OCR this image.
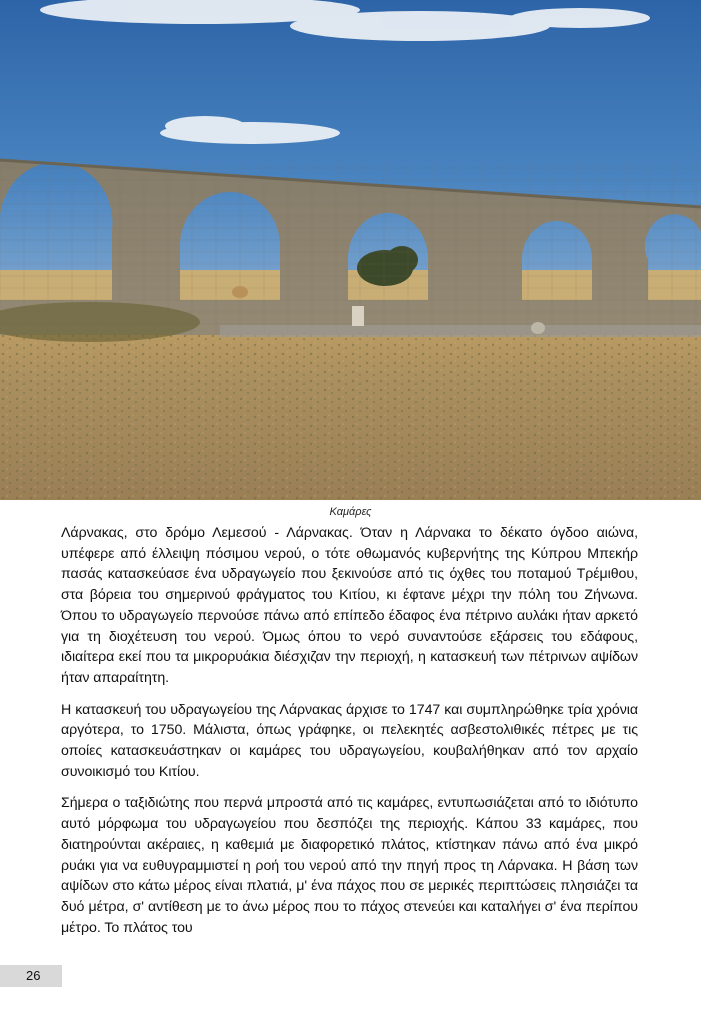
Καμάρες

Λάρνακας, στο δρόμο Λεμεσού - Λάρνακας. Όταν η Λάρνακα το δέκατο όγδοο αιώνα, υπέφερε από έλλειψη πόσιμου νερού, ο τότε οθωμανός κυβερνήτης της Κύπρου Μπεκήρ πασάς κατασκεύασε ένα υδραγωγείο που ξεκινούσε από τις όχθες του ποταμού Τρέμιθου, στα βόρεια του σημερινού φράγματος του Κιτίου, κι έφτανε μέχρι την πόλη του Ζήνωνα. Όπου το υδραγωγείο περνούσε πάνω από επίπεδο έδαφος ένα πέτρινο αυλάκι ήταν αρκετό για τη διοχέτευση του νερού. Όμως όπου το νερό συναντούσε εξάρσεις του εδάφους, ιδιαίτερα εκεί που τα μικρορυάκια διέσχιζαν την περιοχή, η κατασκευή των πέτρινων αψίδων ήταν απαραίτητη.

Η κατασκευή του υδραγωγείου της Λάρνακας άρχισε το 1747 και συμπληρώθηκε τρία χρόνια αργότερα, το 1750. Μάλιστα, όπως γράφηκε, οι πελεκητές ασβεστολιθικές πέτρες με τις οποίες κατασκευάστηκαν οι καμάρες του υδραγωγείου, κουβαλήθηκαν από τον αρχαίο συνοικισμό του Κιτίου.

Σήμερα ο ταξιδιώτης που περνά μπροστά από τις καμάρες, εντυπωσιάζεται από το ιδιότυπο αυτό μόρφωμα του υδραγωγείου που δεσπόζει της περιοχής. Κάπου 33 καμάρες, που διατηρούνται ακέραιες, η καθεμιά με διαφορετικό πλάτος, κτίστηκαν πάνω από ένα μικρό ρυάκι για να ευθυγραμμιστεί η ροή του νερού από την πηγή προς τη Λάρνακα. Η βάση των αψίδων στο κάτω μέρος είναι πλατιά, μ' ένα πάχος που σε μερικές περιπτώσεις πλησιάζει τα δυό μέτρα, σ' αντίθεση με το άνω μέρος που το πάχος στενεύει και καταλήγει σ' ένα περίπου μέτρο. Το πλάτος του

26
